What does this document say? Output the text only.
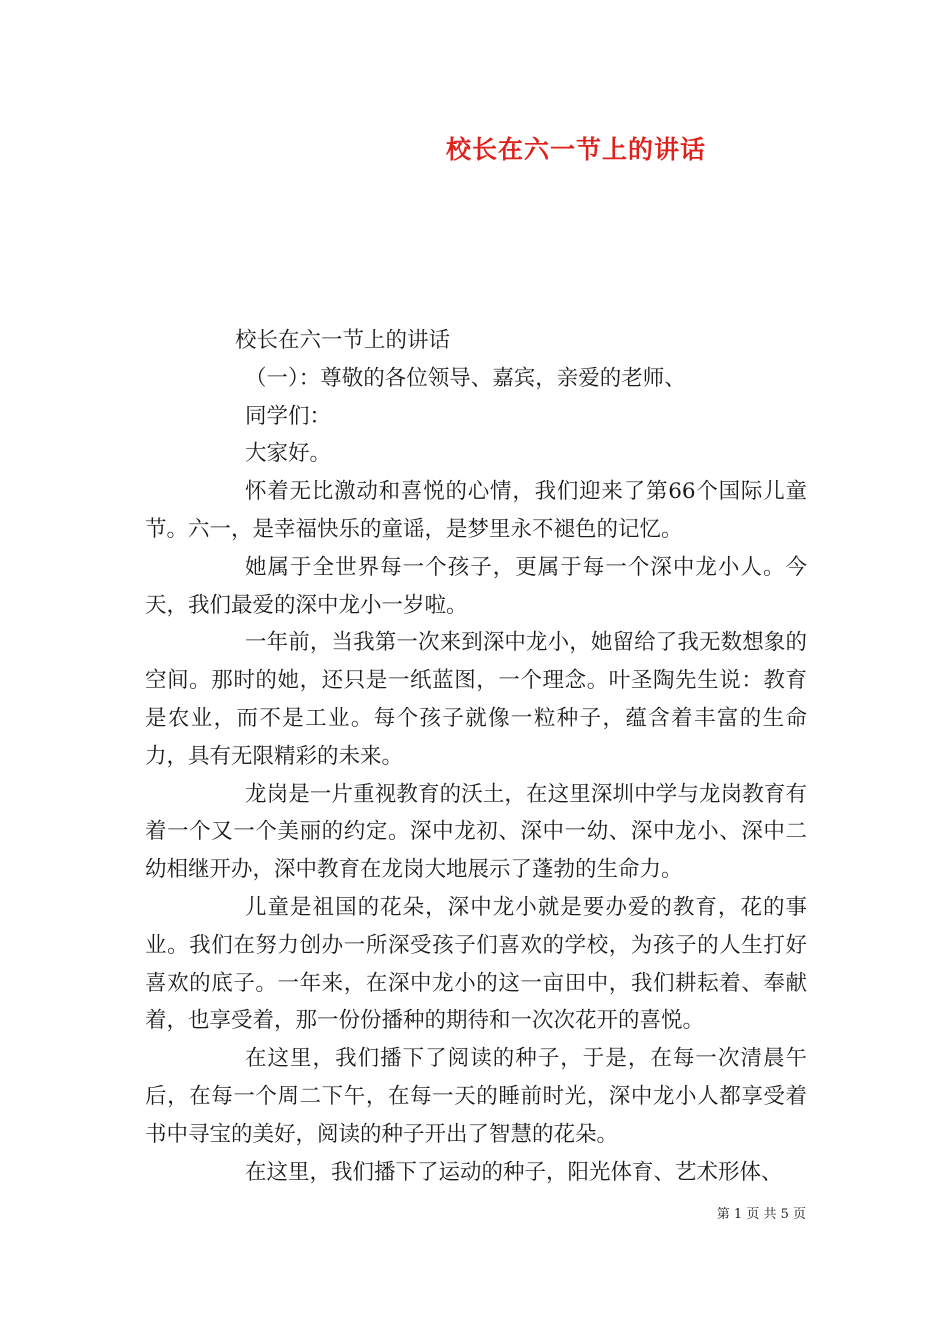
校长在六一节上的讲话

校长在六一节上的讲话

（一）：尊敬的各位领导、嘉宾，亲爱的老师、

同学们：

大家好。

怀着无比激动和喜悦的心情，我们迎来了第66个国际儿童节。六一，是幸福快乐的童谣，是梦里永不褪色的记忆。

她属于全世界每一个孩子，更属于每一个深中龙小人。今天，我们最爱的深中龙小一岁啦。

一年前，当我第一次来到深中龙小，她留给了我无数想象的空间。那时的她，还只是一纸蓝图，一个理念。叶圣陶先生说：教育是农业，而不是工业。每个孩子就像一粒种子，蕴含着丰富的生命力，具有无限精彩的未来。

龙岗是一片重视教育的沃土，在这里深圳中学与龙岗教育有着一个又一个美丽的约定。深中龙初、深中一幼、深中龙小、深中二幼相继开办，深中教育在龙岗大地展示了蓬勃的生命力。

儿童是祖国的花朵，深中龙小就是要办爱的教育，花的事业。我们在努力创办一所深受孩子们喜欢的学校，为孩子的人生打好喜欢的底子。一年来，在深中龙小的这一亩田中，我们耕耘着、奉献着，也享受着，那一份份播种的期待和一次次花开的喜悦。

在这里，我们播下了阅读的种子，于是，在每一次清晨午后，在每一个周二下午，在每一天的睡前时光，深中龙小人都享受着书中寻宝的美好，阅读的种子开出了智慧的花朵。

在这里，我们播下了运动的种子，阳光体育、艺术形体、

第 1 页 共 5 页
